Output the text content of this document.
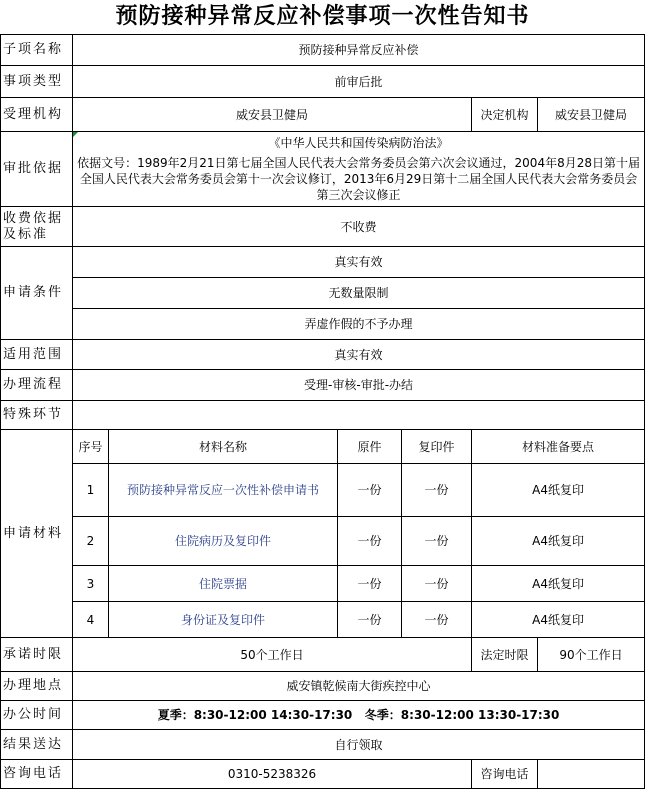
预防接种异常反应补偿事项一次性告知书
子项名称	预防接种异常反应补偿					
事项类型	前审后批					
受理机构	威安县卫健局				决定机构	威安县卫健局
审批依据	《中华人民共和国传染病防治法》
依据文号：1989年2月21日第七届全国人民代表大会常务委员会第六次会议通过，2004年8月28日第十届全国人民代表大会常务委员会第十一次会议修订，2013年6月29日第十二届全国人民代表大会常务委员会第三次会议修正					

收费依据及标准	不收费					
申请条件	真实有效					
	无数量限制					
	弄虚作假的不予办理					
适用范围	真实有效					
办理流程	受理-审核-审批-办结					
特殊环节						
申请材料	序号	材料名称	原件	复印件	材料准备要点	
	1	预防接种异常反应一次性补偿申请书	一份	一份	A4纸复印	
	2	住院病历及复印件	一份	一份	A4纸复印	
	3	住院票据	一份	一份	A4纸复印	
	4	身份证及复印件	一份	一份	A4纸复印	
承诺时限	50个工作日				法定时限	90个工作日
办理地点	威安镇乾候南大街疾控中心					
办公时间	夏季：8:30-12:00 14:30-17:30   冬季：8:30-12:00 13:30-17:30					
结果送达	自行领取					
咨询电话	0310-5238326				咨询电话	
